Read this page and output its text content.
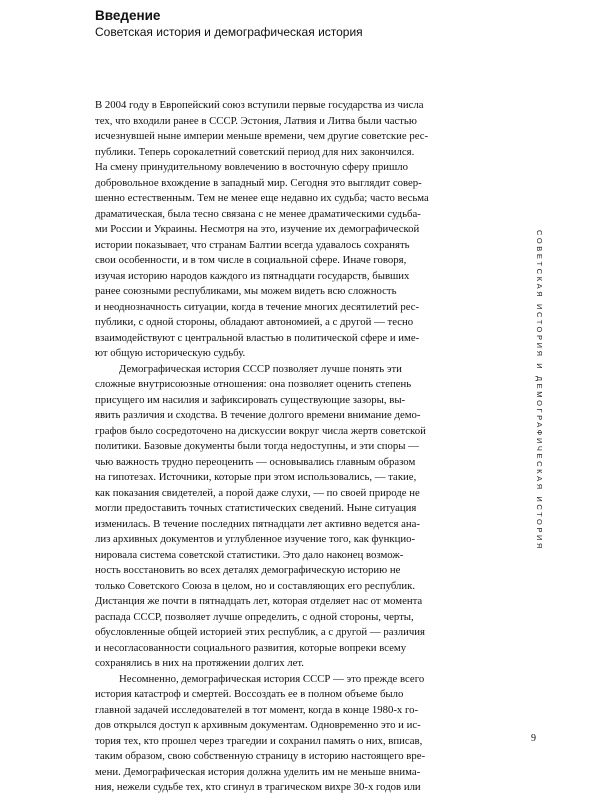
Введение
Советская история и демографическая история
В 2004 году в Европейский союз вступили первые государства из числа
тех, что входили ранее в СССР. Эстония, Латвия и Литва были частью
исчезнувшей ныне империи меньше времени, чем другие советские рес-
публики. Теперь сорокалетний советский период для них закончился.
На смену принудительному вовлечению в восточную сферу пришло
добровольное вхождение в западный мир. Сегодня это выглядит совер-
шенно естественным. Тем не менее еще недавно их судьба; часто весьма
драматическая, была тесно связана с не менее драматическими судьба-
ми России и Украины. Несмотря на это, изучение их демографической
истории показывает, что странам Балтии всегда удавалось сохранять
свои особенности, и в том числе в социальной сфере. Иначе говоря,
изучая историю народов каждого из пятнадцати государств, бывших
ранее союзными республиками, мы можем видеть всю сложность
и неоднозначность ситуации, когда в течение многих десятилетий рес-
публики, с одной стороны, обладают автономией, а с другой — тесно
взаимодействуют с центральной властью в политической сфере и име-
ют общую историческую судьбу.
Демографическая история СССР позволяет лучше понять эти
сложные внутрисоюзные отношения: она позволяет оценить степень
присущего им насилия и зафиксировать существующие зазоры, вы-
явить различия и сходства. В течение долгого времени внимание демо-
графов было сосредоточено на дискуссии вокруг числа жертв советской
политики. Базовые документы были тогда недоступны, и эти споры —
чью важность трудно переоценить — основывались главным образом
на гипотезах. Источники, которые при этом использовались, — такие,
как показания свидетелей, а порой даже слухи, — по своей природе не
могли предоставить точных статистических сведений. Ныне ситуация
изменилась. В течение последних пятнадцати лет активно ведется ана-
лиз архивных документов и углубленное изучение того, как функцио-
нировала система советской статистики. Это дало наконец возмож-
ность восстановить во всех деталях демографическую историю не
только Советского Союза в целом, но и составляющих его республик.
Дистанция же почти в пятнадцать лет, которая отделяет нас от момента
распада СССР, позволяет лучше определить, с одной стороны, черты,
обусловленные общей историей этих республик, а с другой — различия
и несогласованности социального развития, которые вопреки всему
сохранялись в них на протяжении долгих лет.
Несомненно, демографическая история СССР — это прежде всего
история катастроф и смертей. Воссоздать ее в полном объеме было
главной задачей исследователей в тот момент, когда в конце 1980-х го-
дов открылся доступ к архивным документам. Одновременно это и ис-
тория тех, кто прошел через трагедии и сохранил память о них, вписав,
таким образом, свою собственную страницу в историю настоящего вре-
мени. Демографическая история должна уделить им не меньше внима-
ния, нежели судьбе тех, кто сгинул в трагическом вихре 30-х годов или
СОВЕТСКАЯ ИСТОРИЯ И ДЕМОГРАФИЧЕСКАЯ ИСТОРИЯ
9
